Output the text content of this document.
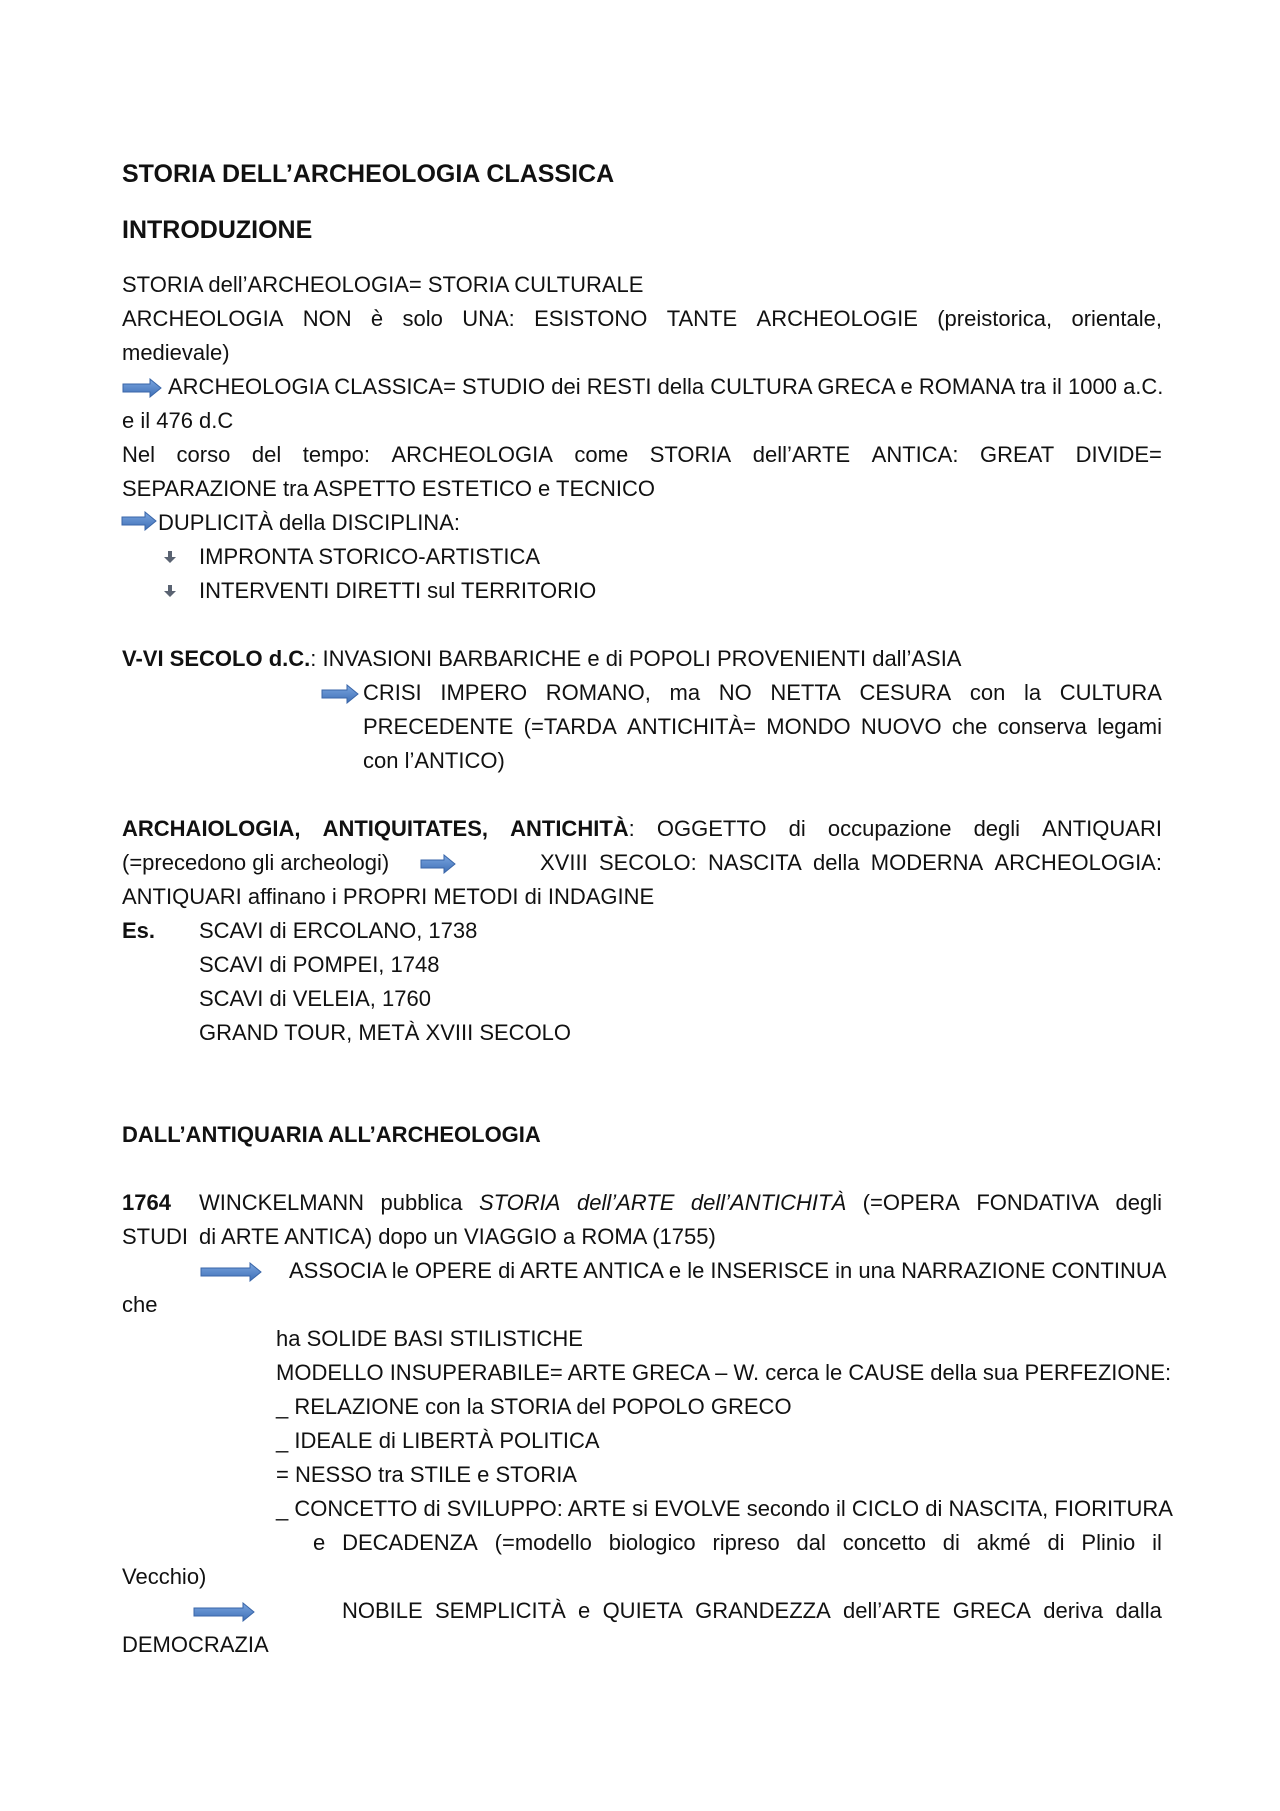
STORIA DELL’ARCHEOLOGIA CLASSICA
INTRODUZIONE
STORIA dell’ARCHEOLOGIA= STORIA CULTURALE
ARCHEOLOGIA NON è solo UNA: ESISTONO TANTE ARCHEOLOGIE (preistorica, orientale,
medievale)
ARCHEOLOGIA CLASSICA= STUDIO dei RESTI della CULTURA GRECA e ROMANA tra il 1000 a.C.
e il 476 d.C
Nel corso del tempo: ARCHEOLOGIA come STORIA dell’ARTE ANTICA: GREAT DIVIDE=
SEPARAZIONE tra ASPETTO ESTETICO e TECNICO
DUPLICITÀ della DISCIPLINA:
IMPRONTA STORICO-ARTISTICA
INTERVENTI DIRETTI sul TERRITORIO
V-VI SECOLO d.C.: INVASIONI BARBARICHE e di POPOLI PROVENIENTI dall’ASIA
CRISI IMPERO ROMANO, ma NO NETTA CESURA con la CULTURA
PRECEDENTE (=TARDA ANTICHITÀ= MONDO NUOVO che conserva legami
con l’ANTICO)
ARCHAIOLOGIA, ANTIQUITATES, ANTICHITÀ: OGGETTO di occupazione degli ANTIQUARI
(=precedono gli archeologi)	XVIII SECOLO: NASCITA della MODERNA ARCHEOLOGIA:
ANTIQUARI affinano i PROPRI METODI di INDAGINE
Es. SCAVI di ERCOLANO, 1738
SCAVI di POMPEI, 1748
SCAVI di VELEIA, 1760
GRAND TOUR, METÀ XVIII SECOLO
DALL’ANTIQUARIA ALL’ARCHEOLOGIA
1764 WINCKELMANN pubblica STORIA dell’ARTE dell’ANTICHITÀ (=OPERA FONDATIVA degli
STUDI di ARTE ANTICA) dopo un VIAGGIO a ROMA (1755)
ASSOCIA le OPERE di ARTE ANTICA e le INSERISCE in una NARRAZIONE CONTINUA
che
ha SOLIDE BASI STILISTICHE
MODELLO INSUPERABILE= ARTE GRECA – W. cerca le CAUSE della sua PERFEZIONE:
_ RELAZIONE con la STORIA del POPOLO GRECO
_ IDEALE di LIBERTÀ POLITICA
= NESSO tra STILE e STORIA
_ CONCETTO di SVILUPPO: ARTE si EVOLVE secondo il CICLO di NASCITA, FIORITURA
e DECADENZA (=modello biologico ripreso dal concetto di akmé di Plinio il
Vecchio)
NOBILE SEMPLICITÀ e QUIETA GRANDEZZA dell’ARTE GRECA deriva dalla
DEMOCRAZIA
